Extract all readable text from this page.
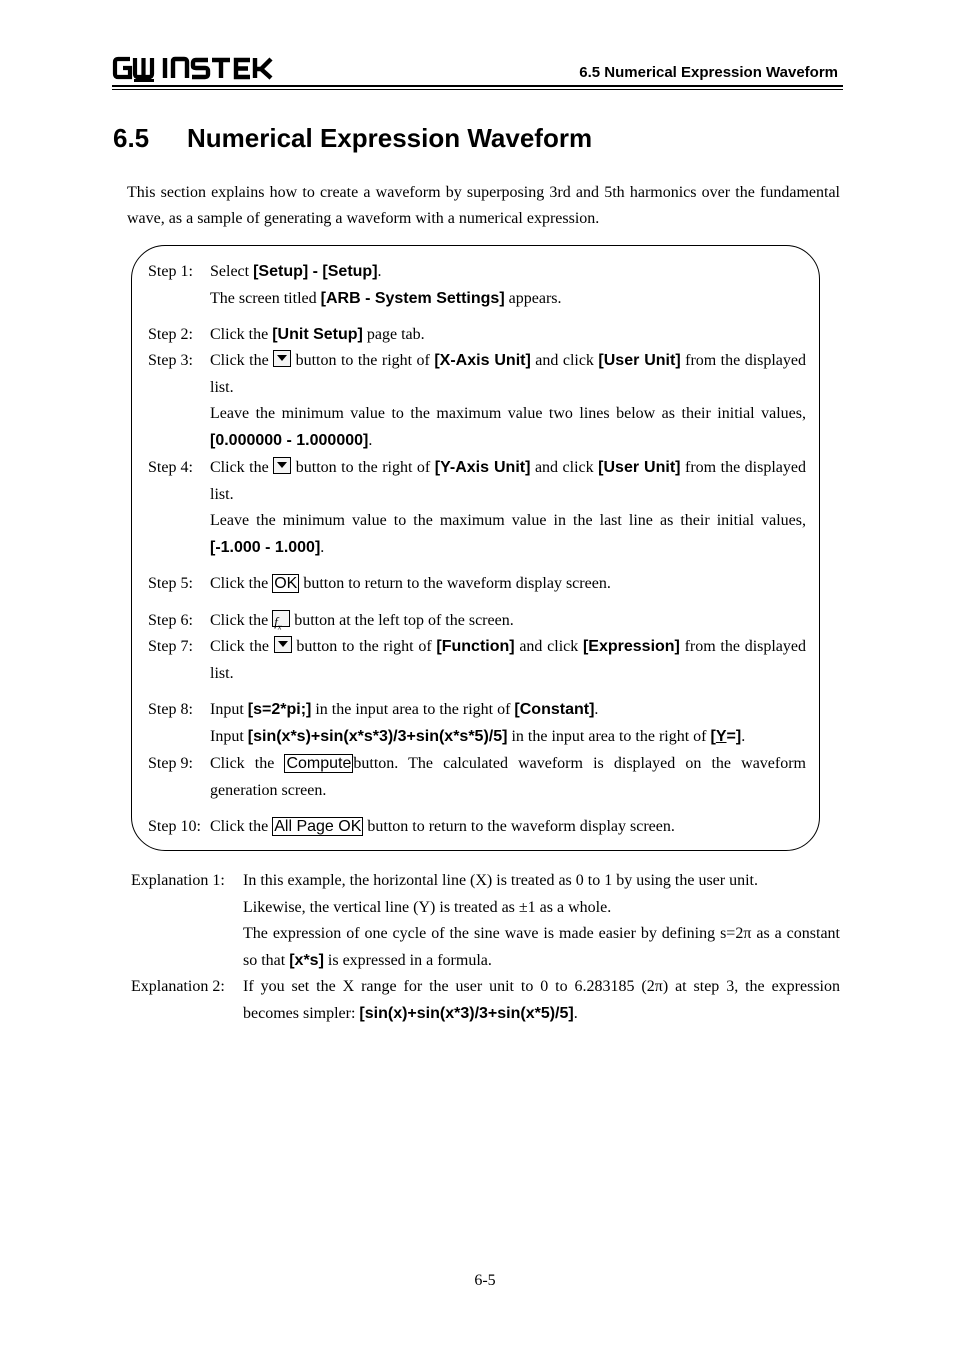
6.5 Numerical Expression Waveform
6.5 Numerical Expression Waveform
This section explains how to create a waveform by superposing 3rd and 5th harmonics over the fundamental wave, as a sample of generating a waveform with a numerical expression.
Step 1: Select [Setup] - [Setup].
The screen titled [ARB - System Settings] appears.
Step 2: Click the [Unit Setup] page tab.
Step 3: Click the
button to the right of [X-Axis Unit] and click [User Unit] from the displayed list.
Leave the minimum value to the maximum value two lines below as their initial values, [0.000000 - 1.000000].
Step 4: Click the
button to the right of [Y-Axis Unit] and click [User Unit] from the displayed list.
Leave the minimum value to the maximum value in the last line as their initial values, [-1.000 - 1.000].
Step 5: Click the OK button to return to the waveform display screen.
Step 6: Click the $f_x$ button at the left top of the screen.
Step 7: Click the
button to the right of [Function] and click [Expression] from the displayed list.
Step 8: Input [s=2*pi;] in the input area to the right of [Constant].
Input [sin(x*s)+sin(x*s*3)/3+sin(x*s*5)/5] in the input area to the right of [Y=].
Step 9: Click the Compute button. The calculated waveform is displayed on the waveform generation screen.
Step 10: Click the All Page OK button to return to the waveform display screen.
Explanation 1: In this example, the horizontal line (X) is treated as 0 to 1 by using the user unit.
Likewise, the vertical line (Y) is treated as ±1 as a whole.
The expression of one cycle of the sine wave is made easier by defining s=2π as a constant so that [x*s] is expressed in a formula.
Explanation 2: If you set the X range for the user unit to 0 to 6.283185 (2π) at step 3, the expression becomes simpler: [sin(x)+sin(x*3)/3+sin(x*5)/5].
6-5
